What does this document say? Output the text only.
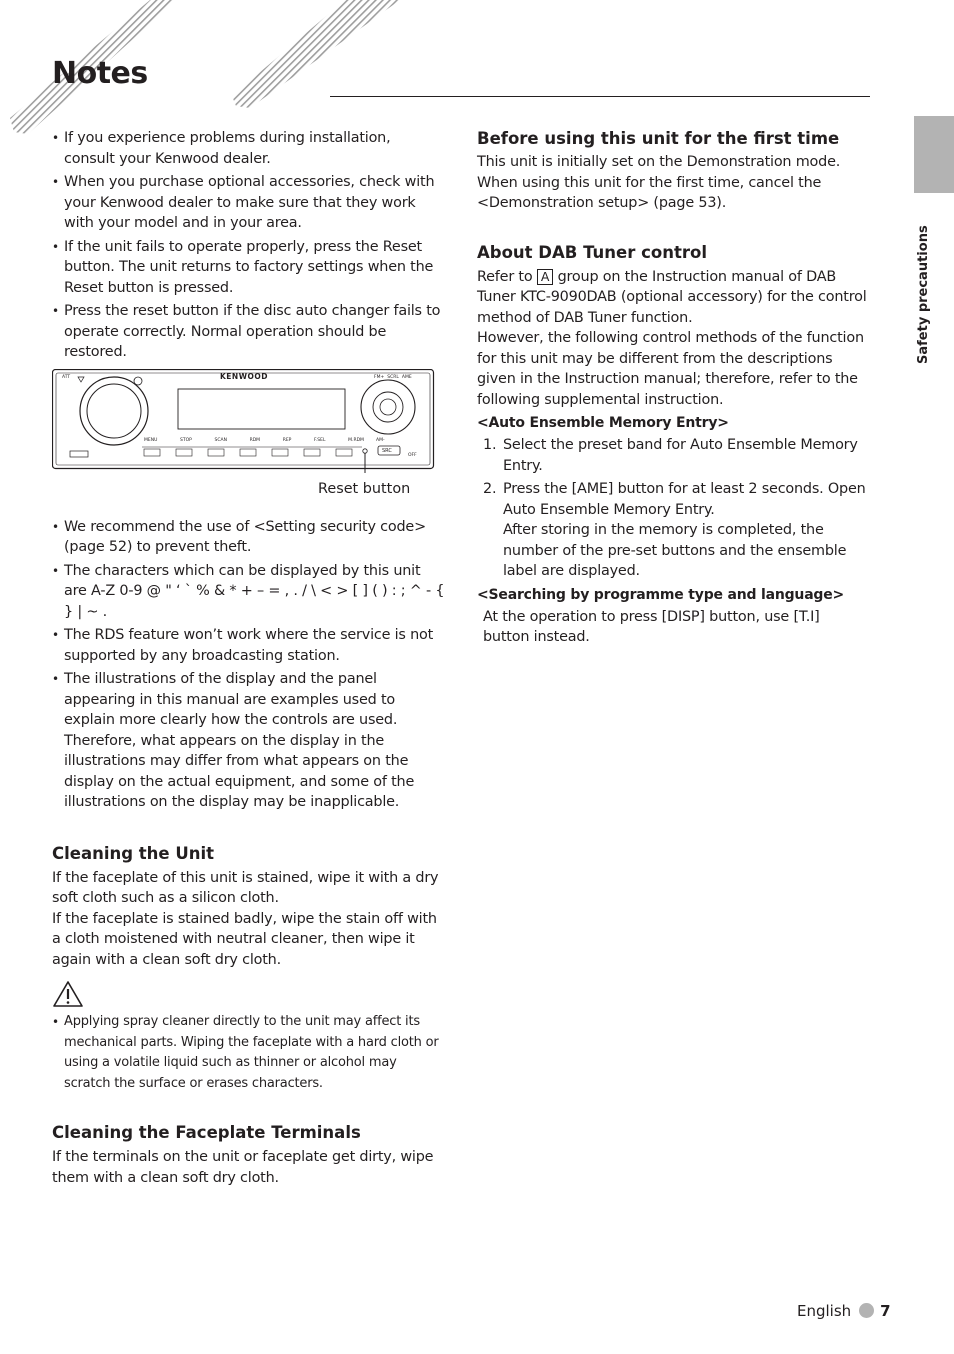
Notes
Safety precautions
• If you experience problems during installation, consult your Kenwood dealer.
• When you purchase optional accessories, check with your Kenwood dealer to make sure that they work with your model and in your area.
• If the unit fails to operate properly, press the Reset button. The unit returns to factory settings when the Reset button is pressed.
• Press the reset button if the disc auto changer fails to operate correctly. Normal operation should be restored.
KENWOOD
MENU	STOP	SCAN	RDM	REP	F.SEL	M.RDM
ATT	FM+ SCRL AME
AM-
SRC
OFF
Reset button
• We recommend the use of <Setting security code> (page 52) to prevent theft.
• The characters which can be displayed by this unit are A-Z 0-9 @ " ‘ ` % & * + – = , . / \ < > [ ] ( ) : ; ^ - { } | ~ .
• The RDS feature won’t work where the service is not supported by any broadcasting station.
• The illustrations of the display and the panel appearing in this manual are examples used to explain more clearly how the controls are used. Therefore, what appears on the display in the illustrations may differ from what appears on the display on the actual equipment, and some of the illustrations on the display may be inapplicable.
Cleaning the Unit

If the faceplate of this unit is stained, wipe it with a dry soft cloth such as a silicon cloth.

If the faceplate is stained badly, wipe the stain off with a cloth moistened with neutral cleaner, then wipe it again with a clean soft dry cloth.

• Applying spray cleaner directly to the unit may affect its mechanical parts. Wiping the faceplate with a hard cloth or using a volatile liquid such as thinner or alcohol may scratch the surface or erases characters.
Cleaning the Faceplate Terminals

If the terminals on the unit or faceplate get dirty, wipe them with a clean soft dry cloth.

Before using this unit for the first time

This unit is initially set on the Demonstration mode. When using this unit for the first time, cancel the <Demonstration setup> (page 53).

About DAB Tuner control

Refer to A group on the Instruction manual of DAB Tuner KTC-9090DAB (optional accessory) for the control method of DAB Tuner function.

However, the following control methods of the function for this unit may be different from the descriptions given in the Instruction manual; therefore, refer to the following supplemental instruction.

<Auto Ensemble Memory Entry>
1. Select the preset band for Auto Ensemble Memory Entry.
2. Press the [AME] button for at least 2 seconds. Open Auto Ensemble Memory Entry.
After storing in the memory is completed, the number of the pre-set buttons and the ensemble label are displayed.
<Searching by programme type and language>

At the operation to press [DISP] button, use [T.I] button instead.

English 7
